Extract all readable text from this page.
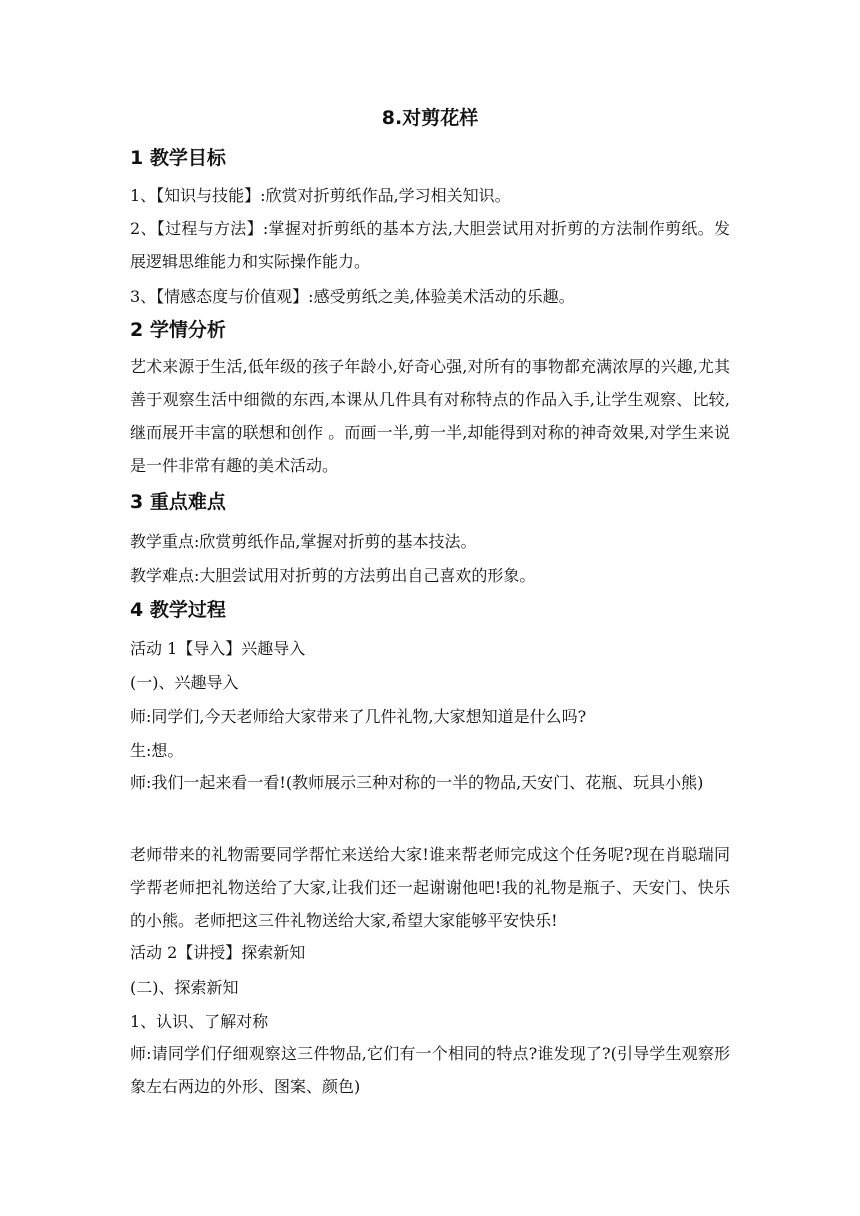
8.对剪花样
1 教学目标
1、【知识与技能】:欣赏对折剪纸作品,学习相关知识。
2、【过程与方法】:掌握对折剪纸的基本方法,大胆尝试用对折剪的方法制作剪纸。发展逻辑思维能力和实际操作能力。
3、【情感态度与价值观】:感受剪纸之美,体验美术活动的乐趣。
2 学情分析
艺术来源于生活,低年级的孩子年龄小,好奇心强,对所有的事物都充满浓厚的兴趣,尤其善于观察生活中细微的东西,本课从几件具有对称特点的作品入手,让学生观察、比较,继而展开丰富的联想和创作 。而画一半,剪一半,却能得到对称的神奇效果,对学生来说是一件非常有趣的美术活动。
3 重点难点
教学重点:欣赏剪纸作品,掌握对折剪的基本技法。
教学难点:大胆尝试用对折剪的方法剪出自己喜欢的形象。
4 教学过程
活动 1【导入】兴趣导入
(一)、兴趣导入
师:同学们,今天老师给大家带来了几件礼物,大家想知道是什么吗?
生:想。
师:我们一起来看一看!(教师展示三种对称的一半的物品,天安门、花瓶、玩具小熊)
老师带来的礼物需要同学帮忙来送给大家!谁来帮老师完成这个任务呢?现在肖聪瑞同学帮老师把礼物送给了大家,让我们还一起谢谢他吧!我的礼物是瓶子、天安门、快乐的小熊。老师把这三件礼物送给大家,希望大家能够平安快乐!
活动 2【讲授】探索新知
(二)、探索新知
1、认识、了解对称
师:请同学们仔细观察这三件物品,它们有一个相同的特点?谁发现了?(引导学生观察形象左右两边的外形、图案、颜色)
